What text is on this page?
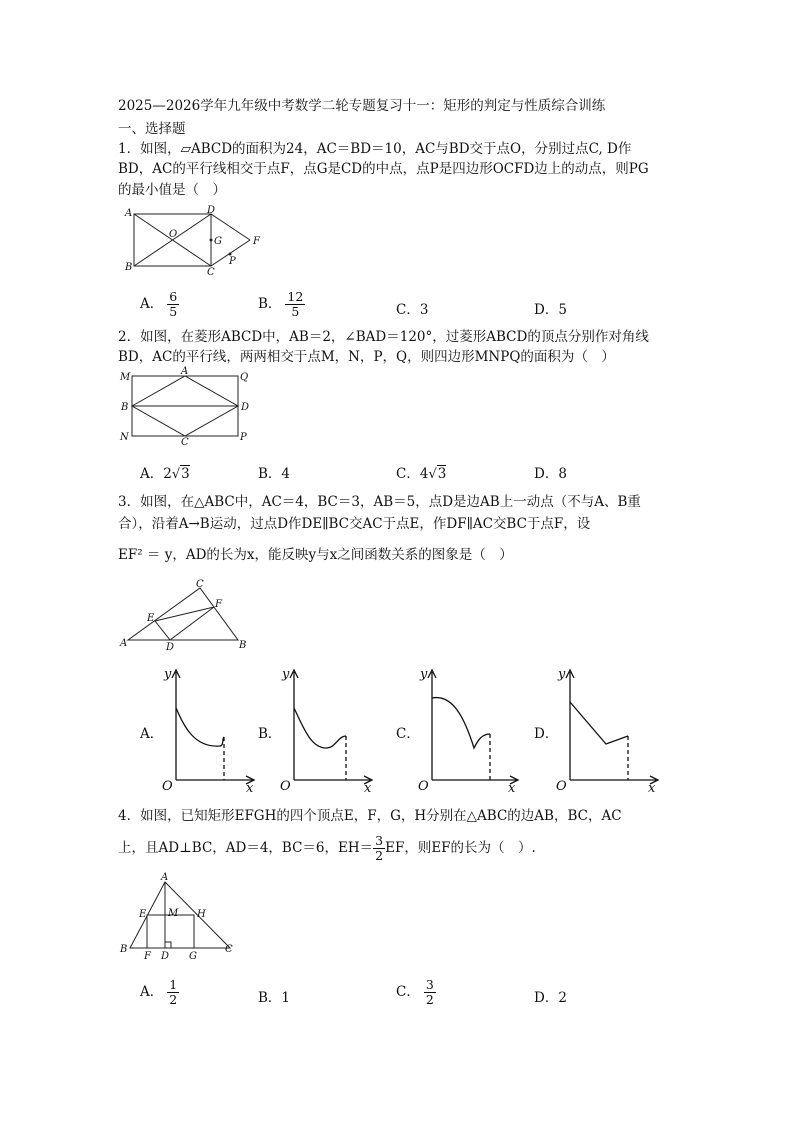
2025—2026学年九年级中考数学二轮专题复习十一：矩形的判定与性质综合训练
一、选择题
1．如图，▱ABCD的面积为24，AC＝BD＝10，AC与BD交于点O，分别过点C, D作
BD，AC的平行线相交于点F，点G是CD的中点，点P是四边形OCFD边上的动点，则PG
的最小值是（　）
A	D
O
G	F
B	C
P
A． $\frac{6}{5}$	B． $\frac{12}{5}$	C．3	D．5
2．如图，在菱形ABCD中，AB＝2，∠BAD＝120°，过菱形ABCD的顶点分别作对角线
BD，AC的平行线，两两相交于点M，N，P，Q，则四边形MNPQ的面积为（　）
M
A
Q
B	D
N	C	P
A．2√3	B．4	C．4√3	D．8
3．如图，在△ABC中，AC＝4，BC＝3，AB＝5，点D是边AB上一动点（不与A、B重
合），沿着A→B运动，过点D作DE∥BC交AC于点E，作DF∥AC交BC于点F，设
EF² ＝ y，AD的长为x，能反映y与x之间函数关系的图象是（　）
C
F
E
A	D	B
A．
y
x
O
B．
y
x
O
C．
y
x
O
D．
y
x
O
4．如图，已知矩形EFGH的四个顶点E，F，G，H分别在△ABC的边AB，BC，AC
上，且AD⊥BC，AD＝4，BC＝6，$EH= \frac{3}{2}$ EF，则EF的长为（　）.
A
E M H
B
F D G
C
A． $\frac{1}{2}$	B．1	C． $\frac{3}{2}$	D．2
